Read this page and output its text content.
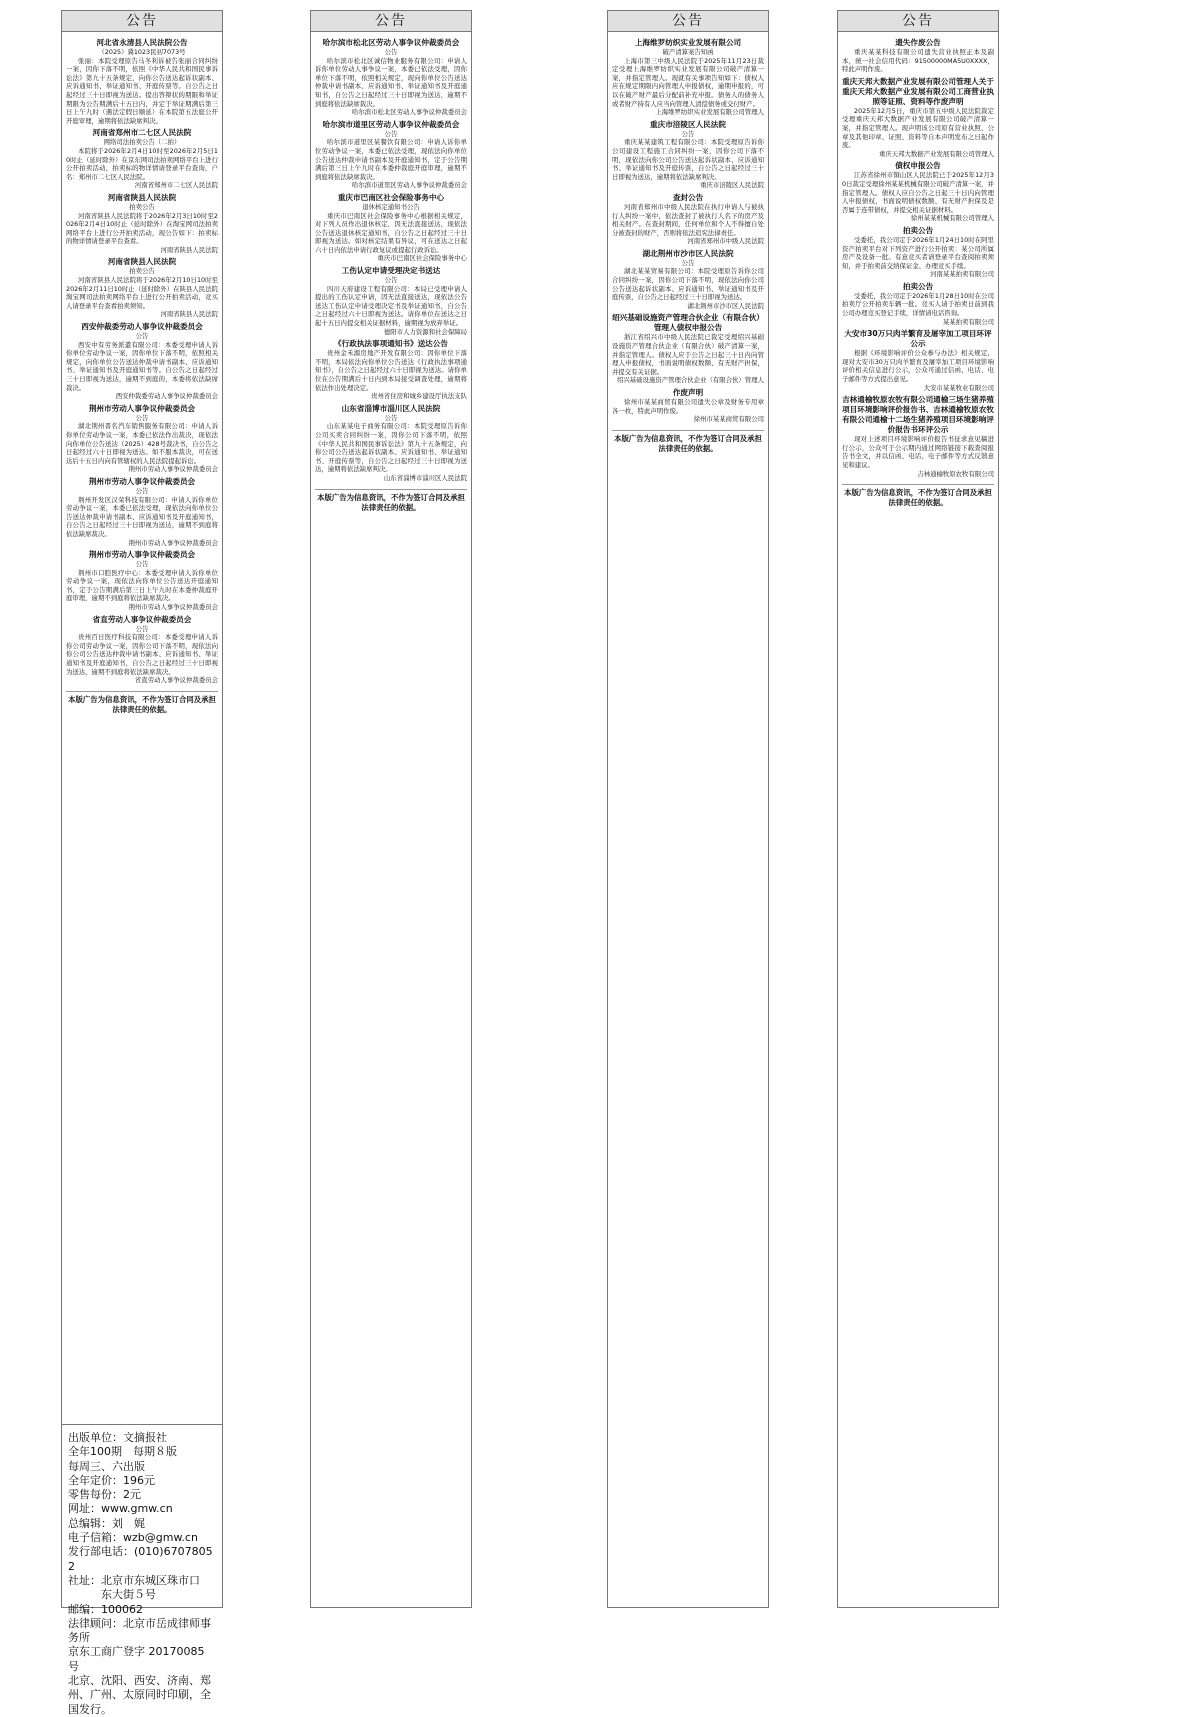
公告
河北省永清县人民法院公告
（2025）冀1023民初7073号
张丽：本院受理原告马冬利诉被告张丽合同纠纷一案，因你下落不明，依照《中华人民共和国民事诉讼法》第九十五条规定，向你公告送达起诉状副本、应诉通知书、举证通知书、开庭传票等。自公告之日起经过三十日即视为送达。提出答辩状的期限和举证期限为公告期满后十五日内，并定于举证期满后第三日上午九时（遇法定假日顺延）在本院第五法庭公开开庭审理，逾期将依法缺席判决。
河南省郑州市二七区人民法院
网络司法拍卖公告（二拍）
本院将于2026年2月4日10时至2026年2月5日10时止（延时除外）在京东网司法拍卖网络平台上进行公开拍卖活动，拍卖标的物详情请登录平台查询，户名：郑州市二七区人民法院。
河南省郑州市二七区人民法院
河南省陕县人民法院
拍卖公告
河南省陕县人民法院将于2026年2月3日10时至2026年2月4日10时止（延时除外）在淘宝网司法拍卖网络平台上进行公开拍卖活动，现公告如下：拍卖标的物详情请登录平台查看。
河南省陕县人民法院
河南省陕县人民法院
拍卖公告
河南省陕县人民法院将于2026年2月10日10时至2026年2月11日10时止（延时除外）在陕县人民法院淘宝网司法拍卖网络平台上进行公开拍卖活动，竞买人请登录平台查看拍卖须知。
河南省陕县人民法院
西安仲裁委劳动人事争议仲裁委员会
公告
西安中有劳务派遣有限公司：本委受理申请人诉你单位劳动争议一案，因你单位下落不明，依照相关规定，向你单位公告送达仲裁申请书副本、应诉通知书、举证通知书及开庭通知书等。自公告之日起经过三十日即视为送达，逾期不到庭的，本委将依法缺席裁决。
西安仲裁委劳动人事争议仲裁委员会
荆州市劳动人事争议仲裁委员会
公告
湖北荆州晋名汽车销售服务有限公司：申请人诉你单位劳动争议一案，本委已依法作出裁决，现依法向你单位公告送达（2025）428号裁决书，自公告之日起经过六十日即视为送达。如不服本裁决，可在送达后十五日内向有管辖权的人民法院提起诉讼。
荆州市劳动人事争议仲裁委员会
荆州市劳动人事争议仲裁委员会
公告
荆州开发区汉荣科技有限公司：申请人诉你单位劳动争议一案，本委已依法受理，现依法向你单位公告送达仲裁申请书副本、应诉通知书及开庭通知书，自公告之日起经过三十日即视为送达，逾期不到庭将依法缺席裁决。
荆州市劳动人事争议仲裁委员会
荆州市劳动人事争议仲裁委员会
公告
荆州市口腔医疗中心：本委受理申请人诉你单位劳动争议一案，现依法向你单位公告送达开庭通知书，定于公告期满后第三日上午九时在本委仲裁庭开庭审理，逾期不到庭将依法缺席裁决。
荆州市劳动人事争议仲裁委员会
省直劳动人事争议仲裁委员会
公告
贵州百日医疗科技有限公司：本委受理申请人诉你公司劳动争议一案，因你公司下落不明，现依法向你公司公告送达仲裁申请书副本、应诉通知书、举证通知书及开庭通知书，自公告之日起经过三十日即视为送达，逾期不到庭将依法缺席裁决。
省直劳动人事争议仲裁委员会
本版广告为信息资讯，不作为签订合同及承担法律责任的依据。
出版单位：文摘报社
全年100期　每期８版
每周三、六出版
全年定价：196元
零售每份：2元
网址：www.gmw.cn
总编辑：刘　娓
电子信箱：wzb@gmw.cn
发行部电话：(010)67078052
社址：北京市东城区珠市口
　　　东大街５号
邮编：100062
法律顾问：北京市岳成律师事务所
京东工商广登字 20170085 号
北京、沈阳、西安、济南、郑州、广州、太原同时印刷，全国发行。
公告
哈尔滨市松北区劳动人事争议仲裁委员会
公告
哈尔滨市松北区诚信物业服务有限公司：申请人诉你单位劳动人事争议一案，本委已依法受理，因你单位下落不明，依照相关规定，现向你单位公告送达仲裁申请书副本、应诉通知书、举证通知书及开庭通知书，自公告之日起经过三十日即视为送达，逾期不到庭将依法缺席裁决。
哈尔滨市松北区劳动人事争议仲裁委员会
哈尔滨市道里区劳动人事争议仲裁委员会
公告
哈尔滨市道里区某餐饮有限公司：申请人诉你单位劳动争议一案，本委已依法受理，现依法向你单位公告送达仲裁申请书副本及开庭通知书，定于公告期满后第三日上午九时在本委仲裁庭开庭审理，逾期不到庭将依法缺席裁决。
哈尔滨市道里区劳动人事争议仲裁委员会
重庆市巴南区社会保险事务中心
退休核定通知书公告
重庆市巴南区社会保险事务中心根据相关规定，对下列人员作出退休核定，因无法直接送达，现依法公告送达退休核定通知书，自公告之日起经过三十日即视为送达。如对核定结果有异议，可在送达之日起六十日内依法申请行政复议或提起行政诉讼。
重庆市巴南区社会保险事务中心
工伤认定申请受理决定书送达
公告
四川天府建设工程有限公司：本局已受理申请人提出的工伤认定申请，因无法直接送达，现依法公告送达工伤认定申请受理决定书及举证通知书，自公告之日起经过六十日即视为送达。请你单位在送达之日起十五日内提交相关证据材料，逾期视为放弃举证。
德阳市人力资源和社会保障局
《行政执法事项通知书》送达公告
贵州金禾源房地产开发有限公司：因你单位下落不明，本局依法向你单位公告送达《行政执法事项通知书》，自公告之日起经过六十日即视为送达。请你单位在公告期满后十日内到本局接受调查处理，逾期将依法作出处理决定。
贵州省住房和城乡建设厅执法支队
山东省淄博市淄川区人民法院
公告
山东某某电子商务有限公司：本院受理原告诉你公司买卖合同纠纷一案，因你公司下落不明，依照《中华人民共和国民事诉讼法》第九十五条规定，向你公司公告送达起诉状副本、应诉通知书、举证通知书、开庭传票等，自公告之日起经过三十日即视为送达，逾期将依法缺席判决。
山东省淄博市淄川区人民法院
本版广告为信息资讯，不作为签订合同及承担法律责任的依据。
公告
上海维罗纺织实业发展有限公司
破产清算案告知函
上海市第三中级人民法院于2025年11月23日裁定受理上海维罗纺织实业发展有限公司破产清算一案，并指定管理人。现就有关事项告知如下：债权人应在规定期限内向管理人申报债权，逾期申报的，可以在破产财产最后分配前补充申报。债务人的债务人或者财产持有人应当向管理人清偿债务或交付财产。
上海维罗纺织实业发展有限公司管理人
重庆市涪陵区人民法院
公告
重庆某某建筑工程有限公司：本院受理原告诉你公司建设工程施工合同纠纷一案，因你公司下落不明，现依法向你公司公告送达起诉状副本、应诉通知书、举证通知书及开庭传票，自公告之日起经过三十日即视为送达，逾期将依法缺席判决。
重庆市涪陵区人民法院
查封公告
河南省郑州市中级人民法院在执行申请人与被执行人纠纷一案中，依法查封了被执行人名下的房产及相关财产。在查封期间，任何单位和个人不得擅自处分被查封的财产，否则将依法追究法律责任。
河南省郑州市中级人民法院
湖北荆州市沙市区人民法院
公告
湖北某某贸易有限公司：本院受理原告诉你公司合同纠纷一案，因你公司下落不明，现依法向你公司公告送达起诉状副本、应诉通知书、举证通知书及开庭传票，自公告之日起经过三十日即视为送达。
湖北荆州市沙市区人民法院
绍兴基础设施资产管理合伙企业（有限合伙）管理人债权申报公告
浙江省绍兴市中级人民法院已裁定受理绍兴基础设施资产管理合伙企业（有限合伙）破产清算一案，并指定管理人。债权人应于公告之日起三十日内向管理人申报债权，书面说明债权数额、有无财产担保，并提交有关证据。
绍兴基础设施资产管理合伙企业（有限合伙）管理人
作废声明
徐州市某某商贸有限公司遗失公章及财务专用章各一枚，特此声明作废。
徐州市某某商贸有限公司
本版广告为信息资讯，不作为签订合同及承担法律责任的依据。
公告
遗失作废公告
重庆某某科技有限公司遗失营业执照正本及副本，统一社会信用代码：91500000MA5U0XXXX，特此声明作废。
重庆天邦大数据产业发展有限公司管理人关于重庆天邦大数据产业发展有限公司工商营业执照等证照、资料等作废声明
2025年12月5日，重庆市第五中级人民法院裁定受理重庆天邦大数据产业发展有限公司破产清算一案，并指定管理人。现声明该公司原有营业执照、公章及其他印章、证照、资料等自本声明发布之日起作废。
重庆天邦大数据产业发展有限公司管理人
债权申报公告
江苏省徐州市铜山区人民法院已于2025年12月30日裁定受理徐州某某机械有限公司破产清算一案，并指定管理人。债权人应自公告之日起三十日内向管理人申报债权，书面说明债权数额、有无财产担保及是否属于连带债权，并提交相关证据材料。
徐州某某机械有限公司管理人
拍卖公告
受委托，我公司定于2026年1月24日10时在阿里资产拍卖平台对下列资产进行公开拍卖：某公司所属房产及设备一批。有意竞买者请登录平台查阅拍卖须知，并于拍卖前交纳保证金、办理竞买手续。
河南某某拍卖有限公司
拍卖公告
受委托，我公司定于2026年1月28日10时在公司拍卖厅公开拍卖车辆一批。竞买人请于拍卖日前到我公司办理竞买登记手续，详情请电话咨询。
某某拍卖有限公司
大安市30万只肉羊繁育及屠宰加工项目环评公示
根据《环境影响评价公众参与办法》相关规定，现对大安市30万只肉羊繁育及屠宰加工项目环境影响评价相关信息进行公示，公众可通过信函、电话、电子邮件等方式提出意见。
大安市某某牧业有限公司
吉林通榆牧原农牧有限公司通榆三场生猪养殖项目环境影响评价报告书、吉林通榆牧原农牧有限公司通榆十二场生猪养殖项目环境影响评价报告书环评公示
现对上述项目环境影响评价报告书征求意见稿进行公示，公众可于公示期内通过网络链接下载查阅报告书全文，并以信函、电话、电子邮件等方式反馈意见和建议。
吉林通榆牧原农牧有限公司
本版广告为信息资讯，不作为签订合同及承担法律责任的依据。
